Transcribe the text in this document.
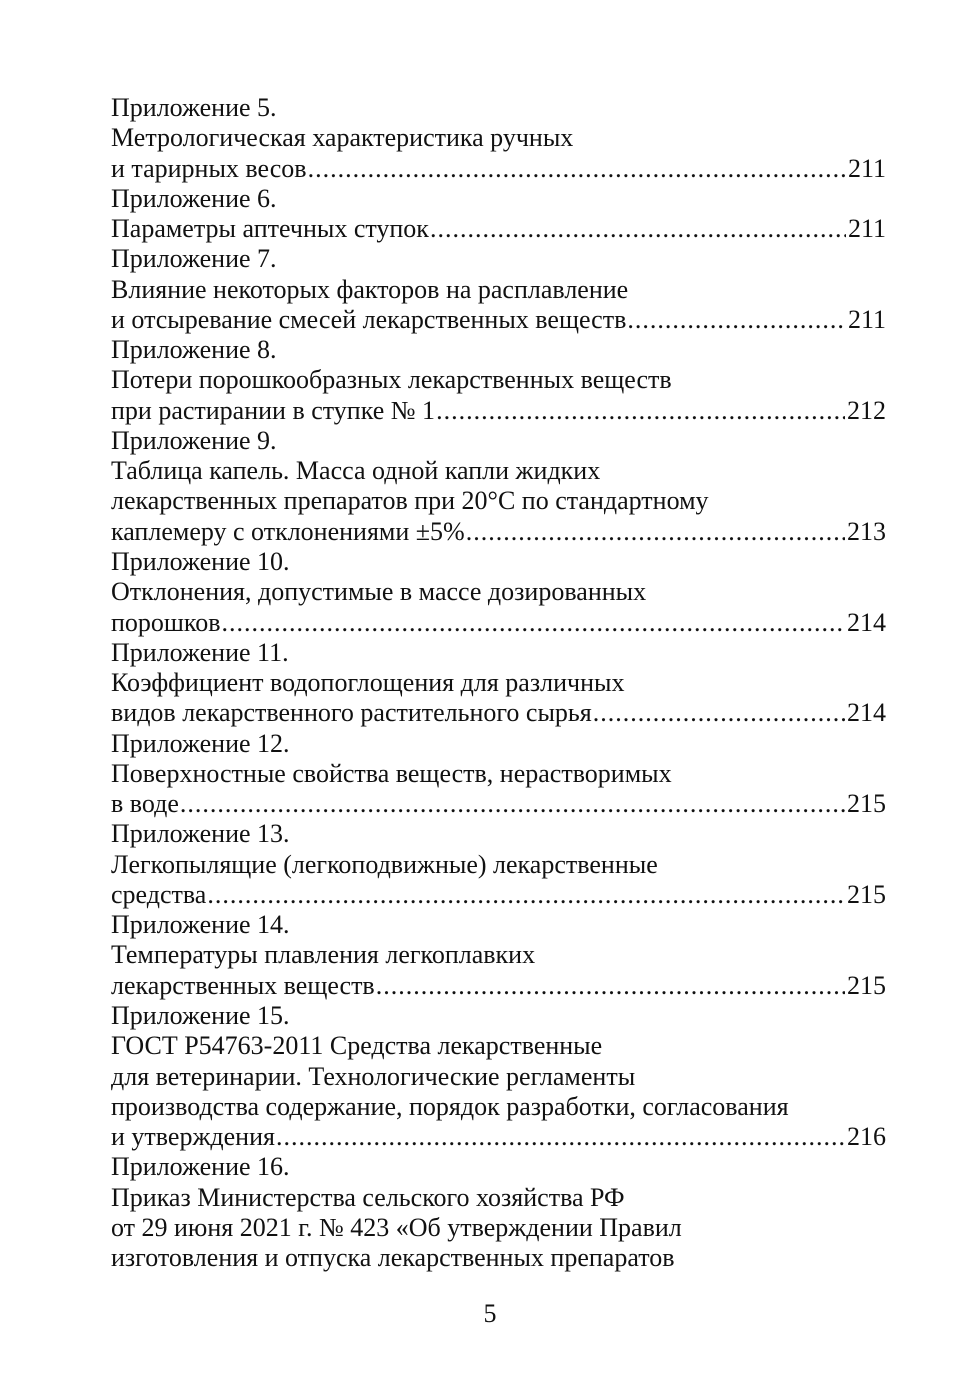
Приложение 5.
Метрологическая характеристика ручных
и тарирных весов .....	211
Приложение 6.
Параметры аптечных ступок .....	211
Приложение 7.
Влияние некоторых факторов на расплавление
и отсыревание смесей лекарственных веществ .....	211
Приложение 8.
Потери порошкообразных лекарственных веществ
при растирании в ступке № 1 .....	212
Приложение 9.
Таблица капель. Масса одной капли жидких
лекарственных препаратов при 20°С по стандартному
каплемеру с отклонениями ±5% .....	213
Приложение 10.
Отклонения, допустимые в массе дозированных
порошков .....	214
Приложение 11.
Коэффициент водопоглощения для различных
видов лекарственного растительного сырья .....	214
Приложение 12.
Поверхностные свойства веществ, нерастворимых
в воде .....	215
Приложение 13.
Легкопылящие (легкоподвижные) лекарственные
средства .....	215
Приложение 14.
Температуры плавления легкоплавких
лекарственных веществ .....	215
Приложение 15.
ГОСТ Р54763-2011 Средства лекарственные
для ветеринарии. Технологические регламенты
производства содержание, порядок разработки, согласования
и утверждения .....	216
Приложение 16.
Приказ Министерства сельского хозяйства РФ
от 29 июня 2021 г. № 423 «Об утверждении Правил
изготовления и отпуска лекарственных препаратов
5
